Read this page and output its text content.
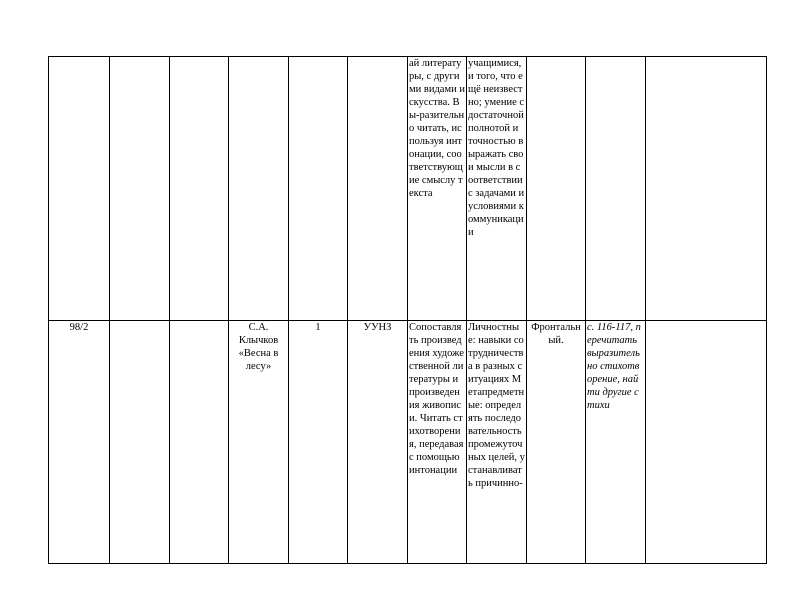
						ай литературы, с другими видами искусства. Вы-разительно читать, используя интонации, соответствующие смыслу текста	учащимися, и того, что ещё неизвестно; умение с достаточной полнотой и точностью выражать свои мысли в соответствии с задачами и условиями коммуникации			
98/2			С.А. Клычков «Весна в лесу»	1	УУНЗ	Сопоставлять произведения художественной литературы и произведения живописи. Читать стихотворения, передавая с помощью интонации	Личностные: навыки сотрудничества в разных ситуациях Метапредметные: определять последовательность промежуточных целей, устанавливать причинно-	Фронтальный.	с. 116-117, перечитать выразительно стихотворение, найти другие стихи	
